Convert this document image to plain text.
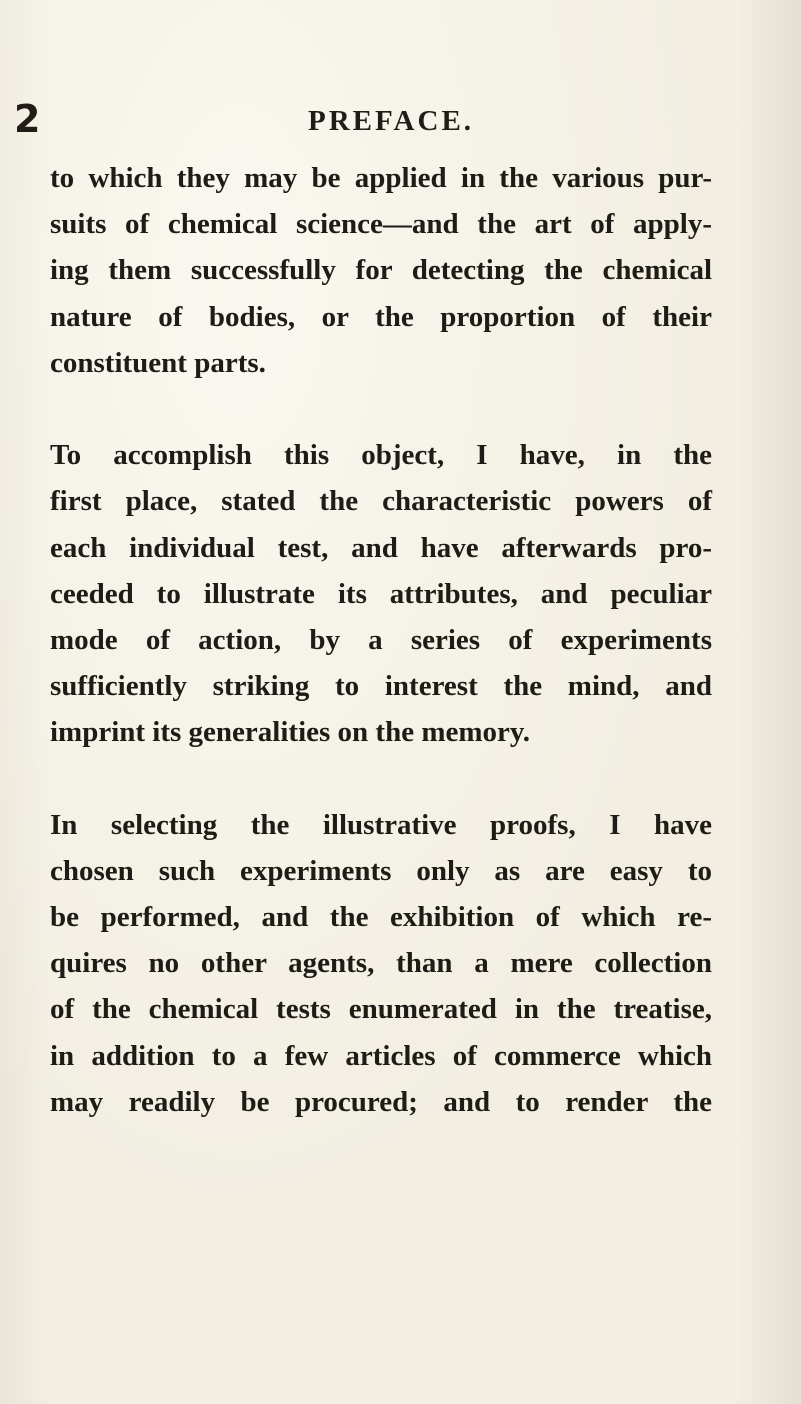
2	PREFACE.
to which they may be applied in the various pur-
suits of chemical science—and the art of apply-
ing them successfully for detecting the chemical
nature of bodies, or the proportion of their
constituent parts.
To accomplish this object, I have, in the
first place, stated the characteristic powers of
each individual test, and have afterwards pro-
ceeded to illustrate its attributes, and peculiar
mode of action, by a series of experiments
sufficiently striking to interest the mind, and
imprint its generalities on the memory.
In selecting the illustrative proofs, I have
chosen such experiments only as are easy to
be performed, and the exhibition of which re-
quires no other agents, than a mere collection
of the chemical tests enumerated in the treatise,
in addition to a few articles of commerce which
may readily be procured; and to render the
